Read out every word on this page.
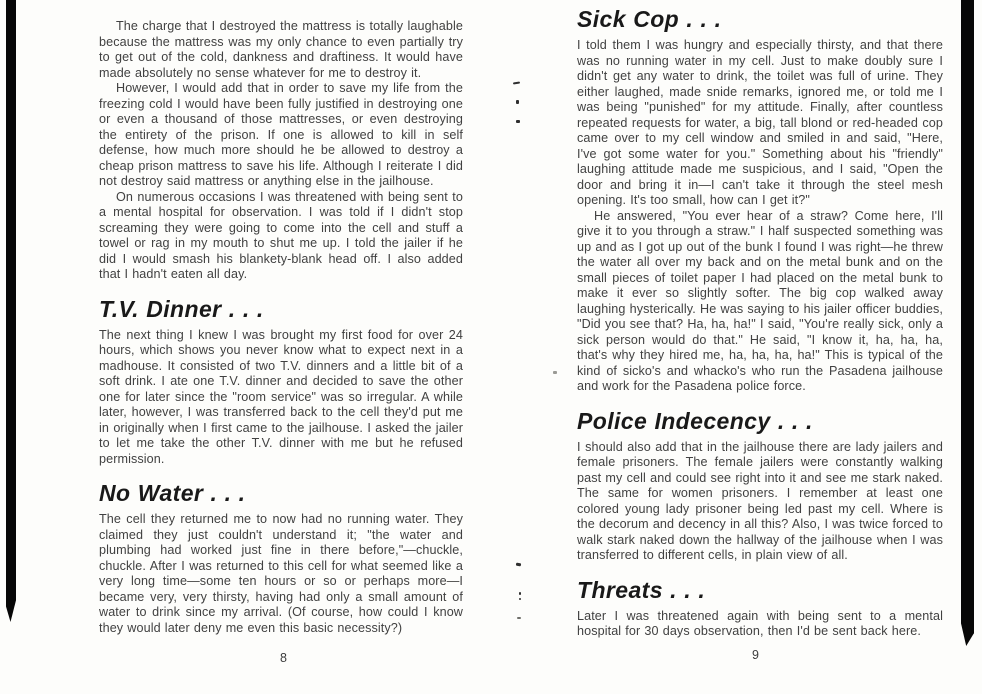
The charge that I destroyed the mattress is totally laughable because the mattress was my only chance to even partially try to get out of the cold, dankness and draftiness. It would have made absolutely no sense whatever for me to destroy it.

However, I would add that in order to save my life from the freezing cold I would have been fully justified in destroying one or even a thousand of those mattresses, or even destroying the entirety of the prison. If one is allowed to kill in self defense, how much more should he be allowed to destroy a cheap prison mattress to save his life. Although I reiterate I did not destroy said mattress or anything else in the jailhouse.

On numerous occasions I was threatened with being sent to a mental hospital for observation. I was told if I didn't stop screaming they were going to come into the cell and stuff a towel or rag in my mouth to shut me up. I told the jailer if he did I would smash his blankety-blank head off. I also added that I hadn't eaten all day.

T.V. Dinner . . .

The next thing I knew I was brought my first food for over 24 hours, which shows you never know what to expect next in a madhouse. It consisted of two T.V. dinners and a little bit of a soft drink. I ate one T.V. dinner and decided to save the other one for later since the "room service" was so irregular. A while later, however, I was transferred back to the cell they'd put me in originally when I first came to the jailhouse. I asked the jailer to let me take the other T.V. dinner with me but he refused permission.

No Water . . .

The cell they returned me to now had no running water. They claimed they just couldn't understand it; "the water and plumbing had worked just fine in there before,"—chuckle, chuckle. After I was returned to this cell for what seemed like a very long time—some ten hours or so or perhaps more—I became very, very thirsty, having had only a small amount of water to drink since my arrival. (Of course, how could I know they would later deny me even this basic necessity?)

Sick Cop . . .

I told them I was hungry and especially thirsty, and that there was no running water in my cell. Just to make doubly sure I didn't get any water to drink, the toilet was full of urine. They either laughed, made snide remarks, ignored me, or told me I was being "punished" for my attitude. Finally, after countless repeated requests for water, a big, tall blond or red-headed cop came over to my cell window and smiled in and said, "Here, I've got some water for you." Something about his "friendly" laughing attitude made me suspicious, and I said, "Open the door and bring it in—I can't take it through the steel mesh opening. It's too small, how can I get it?"

He answered, "You ever hear of a straw? Come here, I'll give it to you through a straw." I half suspected something was up and as I got up out of the bunk I found I was right—he threw the water all over my back and on the metal bunk and on the small pieces of toilet paper I had placed on the metal bunk to make it ever so slightly softer. The big cop walked away laughing hysterically. He was saying to his jailer officer buddies, "Did you see that? Ha, ha, ha!" I said, "You're really sick, only a sick person would do that." He said, "I know it, ha, ha, ha, that's why they hired me, ha, ha, ha, ha!" This is typical of the kind of sicko's and whacko's who run the Pasadena jailhouse and work for the Pasadena police force.

Police Indecency . . .

I should also add that in the jailhouse there are lady jailers and female prisoners. The female jailers were constantly walking past my cell and could see right into it and see me stark naked. The same for women prisoners. I remember at least one colored young lady prisoner being led past my cell. Where is the decorum and decency in all this? Also, I was twice forced to walk stark naked down the hallway of the jailhouse when I was transferred to different cells, in plain view of all.

Threats . . .

Later I was threatened again with being sent to a mental hospital for 30 days observation, then I'd be sent back here.

8	9
